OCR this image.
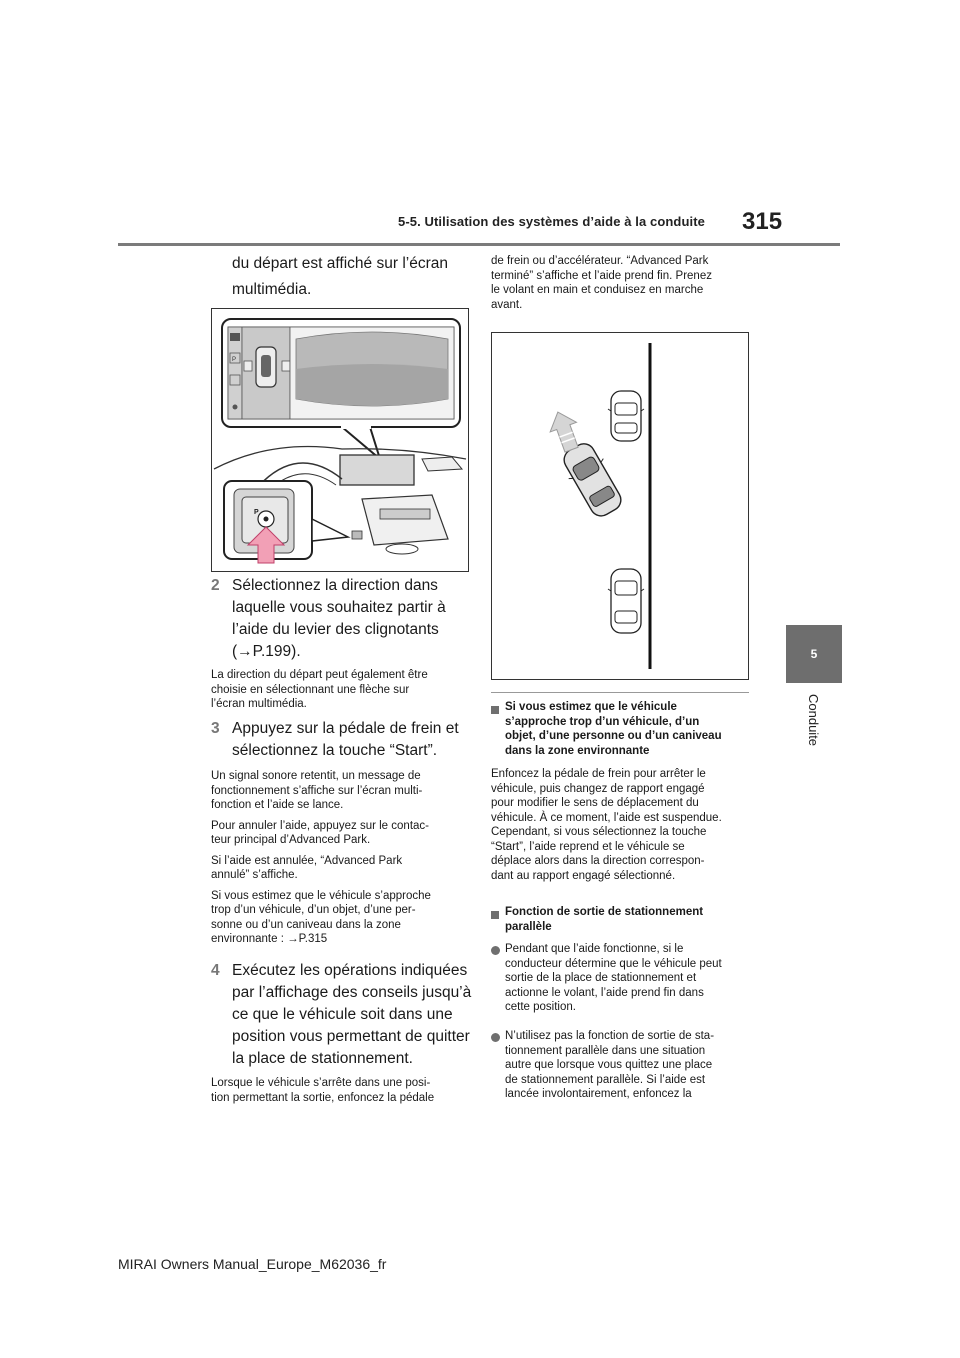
5-5. Utilisation des systèmes d’aide à la conduite 315
5
Conduite
du départ est affiché sur l’écran
multimédia.
P
P
2 Sélectionnez la direction dans
laquelle vous souhaitez partir à
l’aide du levier des clignotants
(→P.199).
La direction du départ peut également être
choisie en sélectionnant une flèche sur
l’écran multimédia.
3 Appuyez sur la pédale de frein et
sélectionnez la touche “Start”.
Un signal sonore retentit, un message de
fonctionnement s’affiche sur l’écran multi-
fonction et l’aide se lance.
Pour annuler l’aide, appuyez sur le contac-
teur principal d’Advanced Park.
Si l’aide est annulée, “Advanced Park
annulé” s’affiche.
Si vous estimez que le véhicule s’approche
trop d’un véhicule, d’un objet, d’une per-
sonne ou d’un caniveau dans la zone
environnante : →P.315
4 Exécutez les opérations indiquées
par l’affichage des conseils jusqu’à
ce que le véhicule soit dans une
position vous permettant de quitter
la place de stationnement.
Lorsque le véhicule s’arrête dans une posi-
tion permettant la sortie, enfoncez la pédale
de frein ou d’accélérateur. “Advanced Park
terminé” s’affiche et l’aide prend fin. Prenez
le volant en main et conduisez en marche
avant.
Si vous estimez que le véhicule
s’approche trop d’un véhicule, d’un
objet, d’une personne ou d’un caniveau
dans la zone environnante
Enfoncez la pédale de frein pour arrêter le
véhicule, puis changez de rapport engagé
pour modifier le sens de déplacement du
véhicule. À ce moment, l’aide est suspendue.
Cependant, si vous sélectionnez la touche
“Start”, l’aide reprend et le véhicule se
déplace alors dans la direction correspon-
dant au rapport engagé sélectionné.
Fonction de sortie de stationnement
parallèle
Pendant que l’aide fonctionne, si le
conducteur détermine que le véhicule peut
sortie de la place de stationnement et
actionne le volant, l’aide prend fin dans
cette position.
N’utilisez pas la fonction de sortie de sta-
tionnement parallèle dans une situation
autre que lorsque vous quittez une place
de stationnement parallèle. Si l’aide est
lancée involontairement, enfoncez la
MIRAI Owners Manual_Europe_M62036_fr
